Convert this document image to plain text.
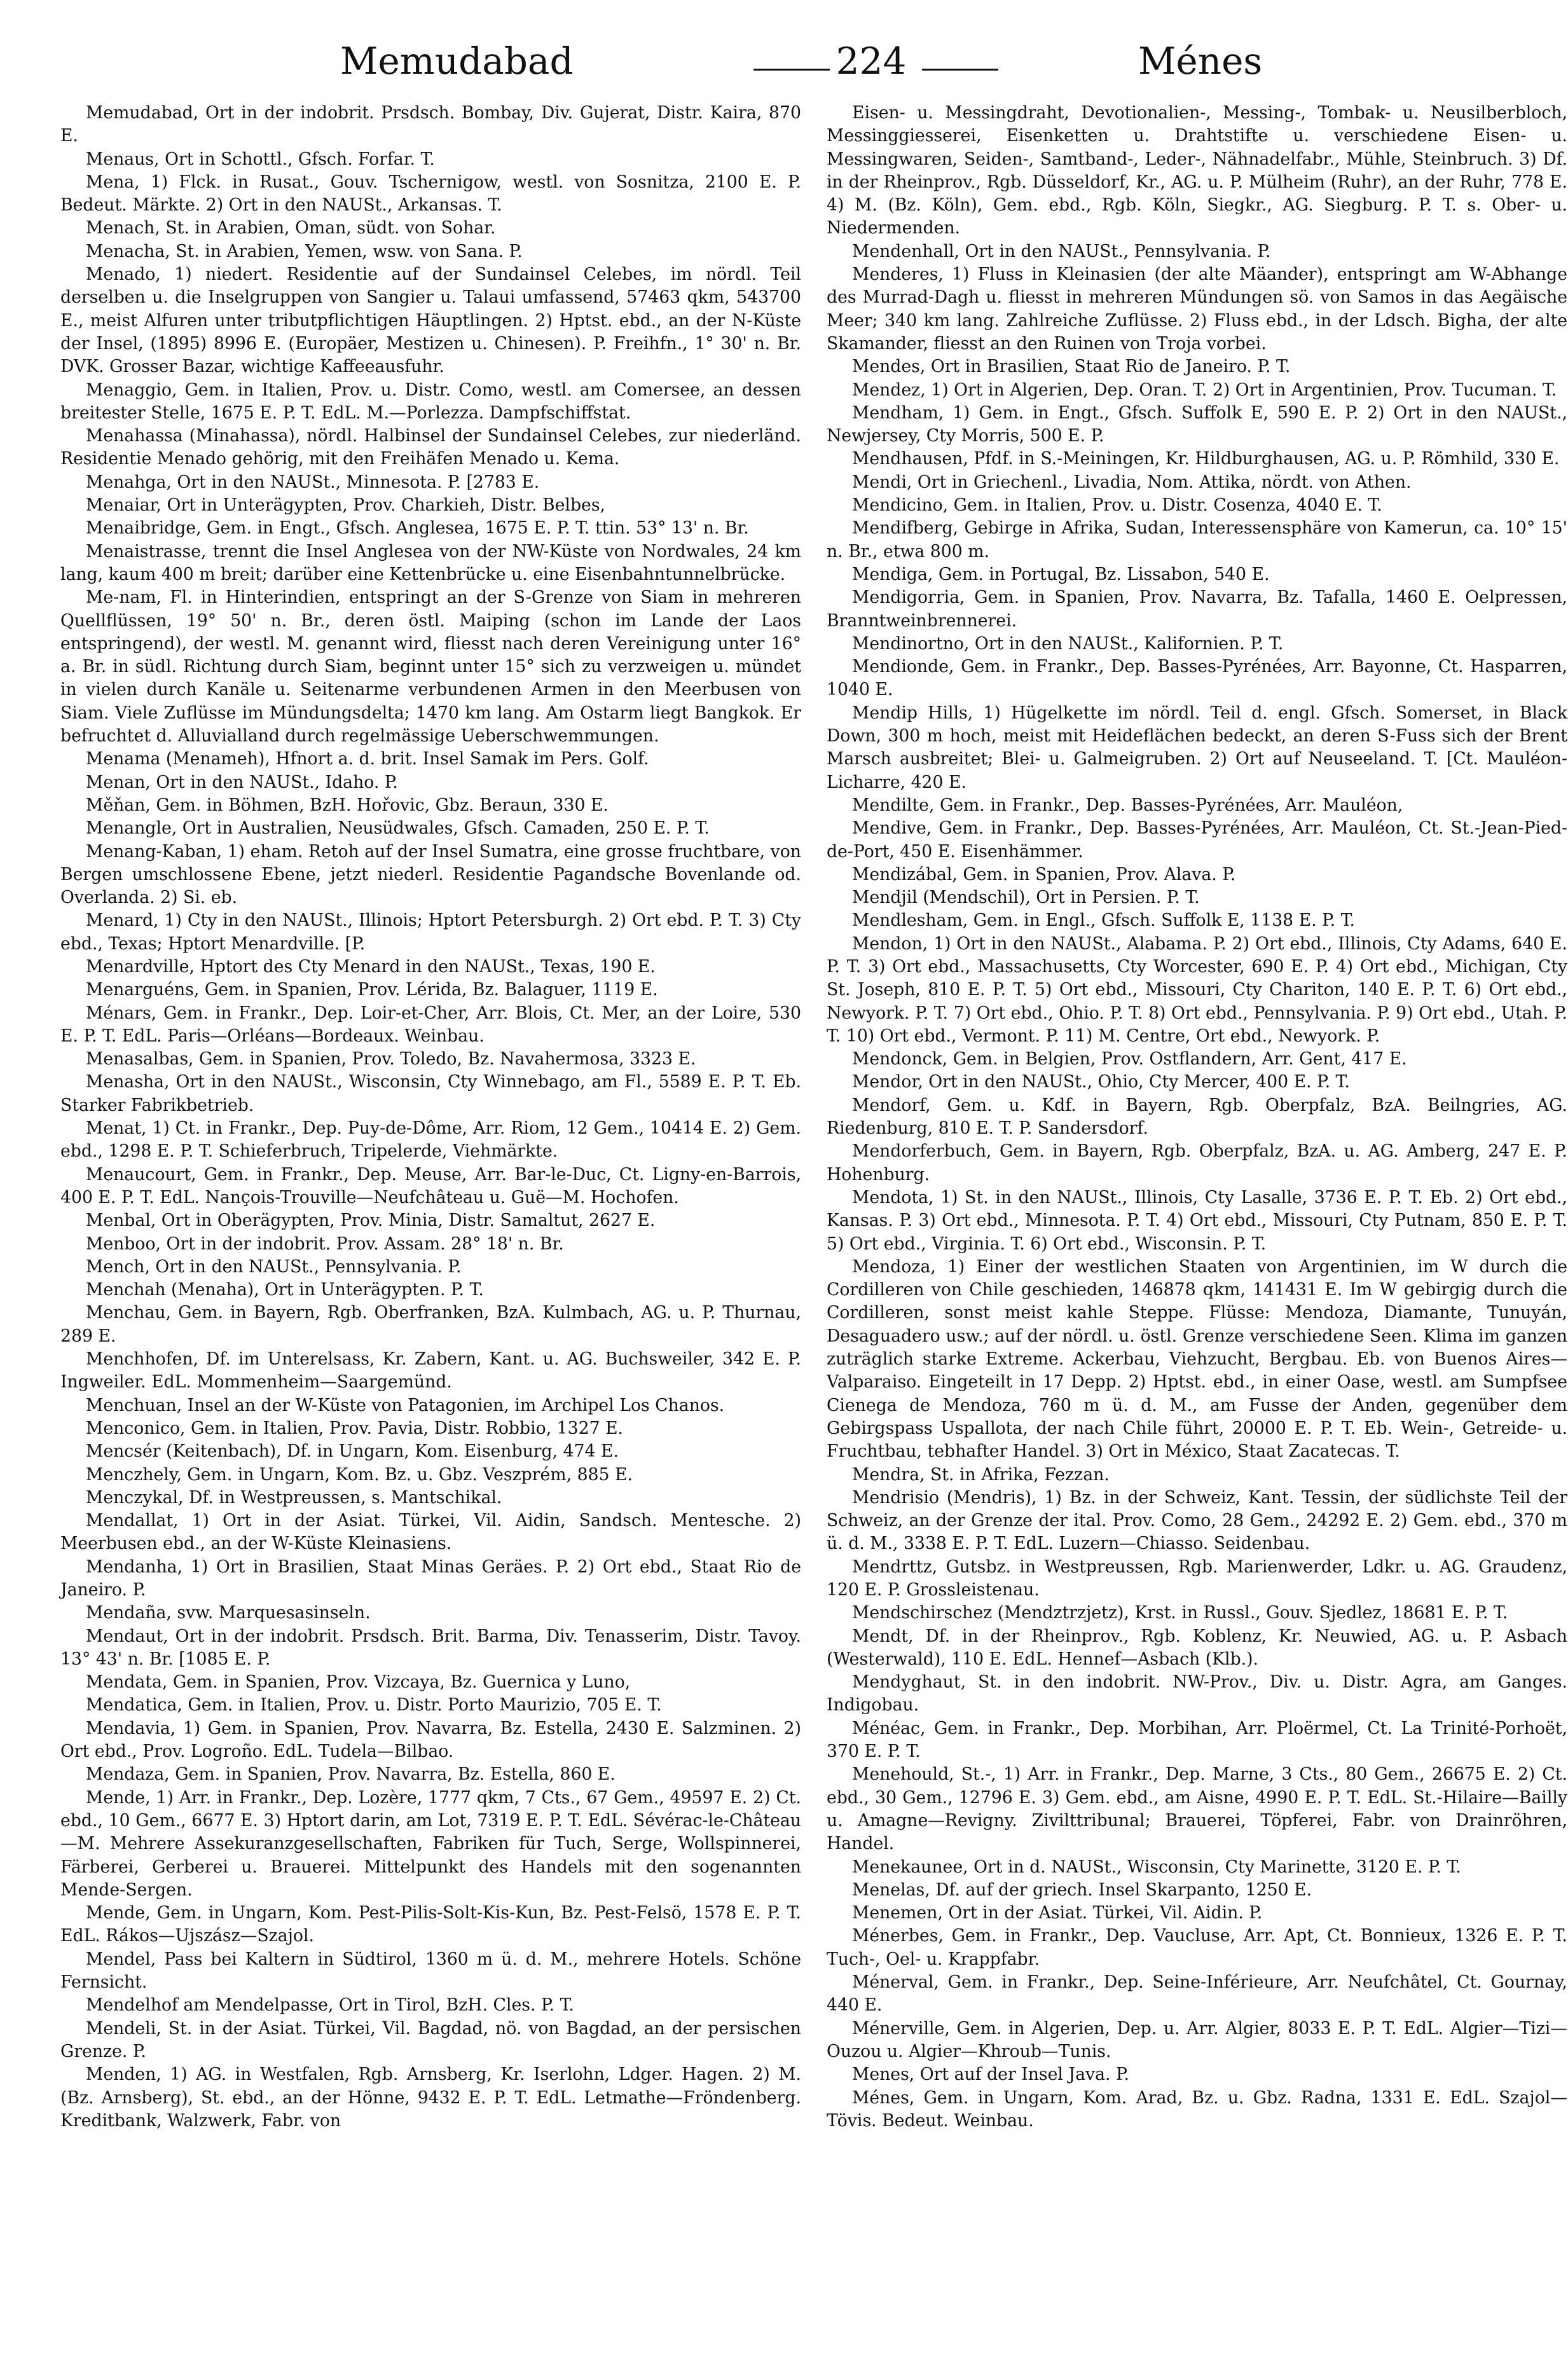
Memudabad	224	Ménes

Memudabad, Ort in der indobrit. Prsdsch. Bombay, Div. Gujerat, Distr. Kaira, 870 E.

Menaus, Ort in Schottl., Gfsch. Forfar. T.

Mena, 1) Flck. in Rusat., Gouv. Tschernigow, westl. von Sosnitza, 2100 E. P. Bedeut. Märkte. 2) Ort in den NAUSt., Arkansas. T.

Menach, St. in Arabien, Oman, südt. von Sohar.

Menacha, St. in Arabien, Yemen, wsw. von Sana. P.

Menado, 1) niedert. Residentie auf der Sundainsel Celebes, im nördl. Teil derselben u. die Inselgruppen von Sangier u. Talaui umfassend, 57463 qkm, 543700 E., meist Alfuren unter tributpflichtigen Häuptlingen. 2) Hptst. ebd., an der N-Küste der Insel, (1895) 8996 E. (Europäer, Mestizen u. Chinesen). P. Freihfn., 1° 30' n. Br. DVK. Grosser Bazar, wichtige Kaffeeausfuhr.

Menaggio, Gem. in Italien, Prov. u. Distr. Como, westl. am Comersee, an dessen breitester Stelle, 1675 E. P. T. EdL. M.—Porlezza. Dampfschiffstat.

Menahassa (Minahassa), nördl. Halbinsel der Sundainsel Celebes, zur niederländ. Residentie Menado gehörig, mit den Freihäfen Menado u. Kema.

Menahga, Ort in den NAUSt., Minnesota. P. [2783 E.

Menaiar, Ort in Unterägypten, Prov. Charkieh, Distr. Belbes,

Menaibridge, Gem. in Engt., Gfsch. Anglesea, 1675 E. P. T. ttin. 53° 13' n. Br.

Menaistrasse, trennt die Insel Anglesea von der NW-Küste von Nordwales, 24 km lang, kaum 400 m breit; darüber eine Kettenbrücke u. eine Eisenbahntunnelbrücke.

Me-nam, Fl. in Hinterindien, entspringt an der S-Grenze von Siam in mehreren Quellflüssen, 19° 50' n. Br., deren östl. Maiping (schon im Lande der Laos entspringend), der westl. M. genannt wird, fliesst nach deren Vereinigung unter 16° a. Br. in südl. Richtung durch Siam, beginnt unter 15° sich zu verzweigen u. mündet in vielen durch Kanäle u. Seitenarme verbundenen Armen in den Meerbusen von Siam. Viele Zuflüsse im Mündungsdelta; 1470 km lang. Am Ostarm liegt Bangkok. Er befruchtet d. Alluvialland durch regelmässige Ueberschwemmungen.

Menama (Menameh), Hfnort a. d. brit. Insel Samak im Pers. Golf.

Menan, Ort in den NAUSt., Idaho. P.

Měňan, Gem. in Böhmen, BzH. Hořovic, Gbz. Beraun, 330 E.

Menangle, Ort in Australien, Neusüdwales, Gfsch. Camaden, 250 E. P. T.

Menang-Kaban, 1) eham. Retoh auf der Insel Sumatra, eine grosse fruchtbare, von Bergen umschlossene Ebene, jetzt niederl. Residentie Pagandsche Bovenlande od. Overlanda. 2) Si. eb.

Menard, 1) Cty in den NAUSt., Illinois; Hptort Petersburgh. 2) Ort ebd. P. T. 3) Cty ebd., Texas; Hptort Menardville. [P.

Menardville, Hptort des Cty Menard in den NAUSt., Texas, 190 E.

Menarguéns, Gem. in Spanien, Prov. Lérida, Bz. Balaguer, 1119 E.

Ménars, Gem. in Frankr., Dep. Loir-et-Cher, Arr. Blois, Ct. Mer, an der Loire, 530 E. P. T. EdL. Paris—Orléans—Bordeaux. Weinbau.

Menasalbas, Gem. in Spanien, Prov. Toledo, Bz. Navahermosa, 3323 E.

Menasha, Ort in den NAUSt., Wisconsin, Cty Winnebago, am Fl., 5589 E. P. T. Eb. Starker Fabrikbetrieb.

Menat, 1) Ct. in Frankr., Dep. Puy-de-Dôme, Arr. Riom, 12 Gem., 10414 E. 2) Gem. ebd., 1298 E. P. T. Schieferbruch, Tripelerde, Viehmärkte.

Menaucourt, Gem. in Frankr., Dep. Meuse, Arr. Bar-le-Duc, Ct. Ligny-en-Barrois, 400 E. P. T. EdL. Nançois-Trouville—Neufchâteau u. Guë—M. Hochofen.

Menbal, Ort in Oberägypten, Prov. Minia, Distr. Samaltut, 2627 E.

Menboo, Ort in der indobrit. Prov. Assam. 28° 18' n. Br.

Mench, Ort in den NAUSt., Pennsylvania. P.

Menchah (Menaha), Ort in Unterägypten. P. T.

Menchau, Gem. in Bayern, Rgb. Oberfranken, BzA. Kulmbach, AG. u. P. Thurnau, 289 E.

Menchhofen, Df. im Unterelsass, Kr. Zabern, Kant. u. AG. Buchsweiler, 342 E. P. Ingweiler. EdL. Mommenheim—Saargemünd.

Menchuan, Insel an der W-Küste von Patagonien, im Archipel Los Chanos.

Menconico, Gem. in Italien, Prov. Pavia, Distr. Robbio, 1327 E.

Mencsér (Keitenbach), Df. in Ungarn, Kom. Eisenburg, 474 E.

Menczhely, Gem. in Ungarn, Kom. Bz. u. Gbz. Veszprém, 885 E.

Menczykal, Df. in Westpreussen, s. Mantschikal.

Mendallat, 1) Ort in der Asiat. Türkei, Vil. Aidin, Sandsch. Mentesche. 2) Meerbusen ebd., an der W-Küste Kleinasiens.

Mendanha, 1) Ort in Brasilien, Staat Minas Geräes. P. 2) Ort ebd., Staat Rio de Janeiro. P.

Mendaña, svw. Marquesasinseln.

Mendaut, Ort in der indobrit. Prsdsch. Brit. Barma, Div. Tenasserim, Distr. Tavoy. 13° 43' n. Br. [1085 E. P.

Mendata, Gem. in Spanien, Prov. Vizcaya, Bz. Guernica y Luno,

Mendatica, Gem. in Italien, Prov. u. Distr. Porto Maurizio, 705 E. T.

Mendavia, 1) Gem. in Spanien, Prov. Navarra, Bz. Estella, 2430 E. Salzminen. 2) Ort ebd., Prov. Logroño. EdL. Tudela—Bilbao.

Mendaza, Gem. in Spanien, Prov. Navarra, Bz. Estella, 860 E.

Mende, 1) Arr. in Frankr., Dep. Lozère, 1777 qkm, 7 Cts., 67 Gem., 49597 E. 2) Ct. ebd., 10 Gem., 6677 E. 3) Hptort darin, am Lot, 7319 E. P. T. EdL. Sévérac-le-Château—M. Mehrere Assekuranzgesellschaften, Fabriken für Tuch, Serge, Wollspinnerei, Färberei, Gerberei u. Brauerei. Mittelpunkt des Handels mit den sogenannten Mende-Sergen.

Mende, Gem. in Ungarn, Kom. Pest-Pilis-Solt-Kis-Kun, Bz. Pest-Felsö, 1578 E. P. T. EdL. Rákos—Ujszász—Szajol.

Mendel, Pass bei Kaltern in Südtirol, 1360 m ü. d. M., mehrere Hotels. Schöne Fernsicht.

Mendelhof am Mendelpasse, Ort in Tirol, BzH. Cles. P. T.

Mendeli, St. in der Asiat. Türkei, Vil. Bagdad, nö. von Bagdad, an der persischen Grenze. P.

Menden, 1) AG. in Westfalen, Rgb. Arnsberg, Kr. Iserlohn, Ldger. Hagen. 2) M. (Bz. Arnsberg), St. ebd., an der Hönne, 9432 E. P. T. EdL. Letmathe—Fröndenberg. Kreditbank, Walzwerk, Fabr. von

Eisen- u. Messingdraht, Devotionalien-, Messing-, Tombak- u. Neusilberbloch, Messinggiesserei, Eisenketten u. Drahtstifte u. verschiedene Eisen- u. Messingwaren, Seiden-, Samtband-, Leder-, Nähnadelfabr., Mühle, Steinbruch. 3) Df. in der Rheinprov., Rgb. Düsseldorf, Kr., AG. u. P. Mülheim (Ruhr), an der Ruhr, 778 E. 4) M. (Bz. Köln), Gem. ebd., Rgb. Köln, Siegkr., AG. Siegburg. P. T. s. Ober- u. Niedermenden.

Mendenhall, Ort in den NAUSt., Pennsylvania. P.

Menderes, 1) Fluss in Kleinasien (der alte Mäander), entspringt am W-Abhange des Murrad-Dagh u. fliesst in mehreren Mündungen sö. von Samos in das Aegäische Meer; 340 km lang. Zahlreiche Zuflüsse. 2) Fluss ebd., in der Ldsch. Bigha, der alte Skamander, fliesst an den Ruinen von Troja vorbei.

Mendes, Ort in Brasilien, Staat Rio de Janeiro. P. T.

Mendez, 1) Ort in Algerien, Dep. Oran. T. 2) Ort in Argentinien, Prov. Tucuman. T.

Mendham, 1) Gem. in Engt., Gfsch. Suffolk E, 590 E. P. 2) Ort in den NAUSt., Newjersey, Cty Morris, 500 E. P.

Mendhausen, Pfdf. in S.-Meiningen, Kr. Hildburghausen, AG. u. P. Römhild, 330 E.

Mendi, Ort in Griechenl., Livadia, Nom. Attika, nördt. von Athen.

Mendicino, Gem. in Italien, Prov. u. Distr. Cosenza, 4040 E. T.

Mendifberg, Gebirge in Afrika, Sudan, Interessensphäre von Kamerun, ca. 10° 15' n. Br., etwa 800 m.

Mendiga, Gem. in Portugal, Bz. Lissabon, 540 E.

Mendigorria, Gem. in Spanien, Prov. Navarra, Bz. Tafalla, 1460 E. Oelpressen, Branntweinbrennerei.

Mendinortno, Ort in den NAUSt., Kalifornien. P. T.

Mendionde, Gem. in Frankr., Dep. Basses-Pyrénées, Arr. Bayonne, Ct. Hasparren, 1040 E.

Mendip Hills, 1) Hügelkette im nördl. Teil d. engl. Gfsch. Somerset, in Black Down, 300 m hoch, meist mit Heideflächen bedeckt, an deren S-Fuss sich der Brent Marsch ausbreitet; Blei- u. Galmeigruben. 2) Ort auf Neuseeland. T. [Ct. Mauléon-Licharre, 420 E.

Mendilte, Gem. in Frankr., Dep. Basses-Pyrénées, Arr. Mauléon,

Mendive, Gem. in Frankr., Dep. Basses-Pyrénées, Arr. Mauléon, Ct. St.-Jean-Pied-de-Port, 450 E. Eisenhämmer.

Mendizábal, Gem. in Spanien, Prov. Alava. P.

Mendjil (Mendschil), Ort in Persien. P. T.

Mendlesham, Gem. in Engl., Gfsch. Suffolk E, 1138 E. P. T.

Mendon, 1) Ort in den NAUSt., Alabama. P. 2) Ort ebd., Illinois, Cty Adams, 640 E. P. T. 3) Ort ebd., Massachusetts, Cty Worcester, 690 E. P. 4) Ort ebd., Michigan, Cty St. Joseph, 810 E. P. T. 5) Ort ebd., Missouri, Cty Chariton, 140 E. P. T. 6) Ort ebd., Newyork. P. T. 7) Ort ebd., Ohio. P. T. 8) Ort ebd., Pennsylvania. P. 9) Ort ebd., Utah. P. T. 10) Ort ebd., Vermont. P. 11) M. Centre, Ort ebd., Newyork. P.

Mendonck, Gem. in Belgien, Prov. Ostflandern, Arr. Gent, 417 E.

Mendor, Ort in den NAUSt., Ohio, Cty Mercer, 400 E. P. T.

Mendorf, Gem. u. Kdf. in Bayern, Rgb. Oberpfalz, BzA. Beilngries, AG. Riedenburg, 810 E. T. P. Sandersdorf.

Mendorferbuch, Gem. in Bayern, Rgb. Oberpfalz, BzA. u. AG. Amberg, 247 E. P. Hohenburg.

Mendota, 1) St. in den NAUSt., Illinois, Cty Lasalle, 3736 E. P. T. Eb. 2) Ort ebd., Kansas. P. 3) Ort ebd., Minnesota. P. T. 4) Ort ebd., Missouri, Cty Putnam, 850 E. P. T. 5) Ort ebd., Virginia. T. 6) Ort ebd., Wisconsin. P. T.

Mendoza, 1) Einer der westlichen Staaten von Argentinien, im W durch die Cordilleren von Chile geschieden, 146878 qkm, 141431 E. Im W gebirgig durch die Cordilleren, sonst meist kahle Steppe. Flüsse: Mendoza, Diamante, Tunuyán, Desaguadero usw.; auf der nördl. u. östl. Grenze verschiedene Seen. Klima im ganzen zuträglich starke Extreme. Ackerbau, Viehzucht, Bergbau. Eb. von Buenos Aires—Valparaiso. Eingeteilt in 17 Depp. 2) Hptst. ebd., in einer Oase, westl. am Sumpfsee Cienega de Mendoza, 760 m ü. d. M., am Fusse der Anden, gegenüber dem Gebirgspass Uspallota, der nach Chile führt, 20000 E. P. T. Eb. Wein-, Getreide- u. Fruchtbau, tebhafter Handel. 3) Ort in México, Staat Zacatecas. T.

Mendra, St. in Afrika, Fezzan.

Mendrisio (Mendris), 1) Bz. in der Schweiz, Kant. Tessin, der südlichste Teil der Schweiz, an der Grenze der ital. Prov. Como, 28 Gem., 24292 E. 2) Gem. ebd., 370 m ü. d. M., 3338 E. P. T. EdL. Luzern—Chiasso. Seidenbau.

Mendrttz, Gutsbz. in Westpreussen, Rgb. Marienwerder, Ldkr. u. AG. Graudenz, 120 E. P. Grossleistenau.

Mendschirschez (Mendztrzjetz), Krst. in Russl., Gouv. Sjedlez, 18681 E. P. T.

Mendt, Df. in der Rheinprov., Rgb. Koblenz, Kr. Neuwied, AG. u. P. Asbach (Westerwald), 110 E. EdL. Hennef—Asbach (Klb.).

Mendyghaut, St. in den indobrit. NW-Prov., Div. u. Distr. Agra, am Ganges. Indigobau.

Ménéac, Gem. in Frankr., Dep. Morbihan, Arr. Ploërmel, Ct. La Trinité-Porhoët, 370 E. P. T.

Menehould, St.-, 1) Arr. in Frankr., Dep. Marne, 3 Cts., 80 Gem., 26675 E. 2) Ct. ebd., 30 Gem., 12796 E. 3) Gem. ebd., am Aisne, 4990 E. P. T. EdL. St.-Hilaire—Bailly u. Amagne—Revigny. Zivilttribunal; Brauerei, Töpferei, Fabr. von Drainröhren, Handel.

Menekaunee, Ort in d. NAUSt., Wisconsin, Cty Marinette, 3120 E. P. T.

Menelas, Df. auf der griech. Insel Skarpanto, 1250 E.

Menemen, Ort in der Asiat. Türkei, Vil. Aidin. P.

Ménerbes, Gem. in Frankr., Dep. Vaucluse, Arr. Apt, Ct. Bonnieux, 1326 E. P. T. Tuch-, Oel- u. Krappfabr.

Ménerval, Gem. in Frankr., Dep. Seine-Inférieure, Arr. Neufchâtel, Ct. Gournay, 440 E.

Ménerville, Gem. in Algerien, Dep. u. Arr. Algier, 8033 E. P. T. EdL. Algier—Tizi—Ouzou u. Algier—Khroub—Tunis.

Menes, Ort auf der Insel Java. P.

Ménes, Gem. in Ungarn, Kom. Arad, Bz. u. Gbz. Radna, 1331 E. EdL. Szajol—Tövis. Bedeut. Weinbau.
